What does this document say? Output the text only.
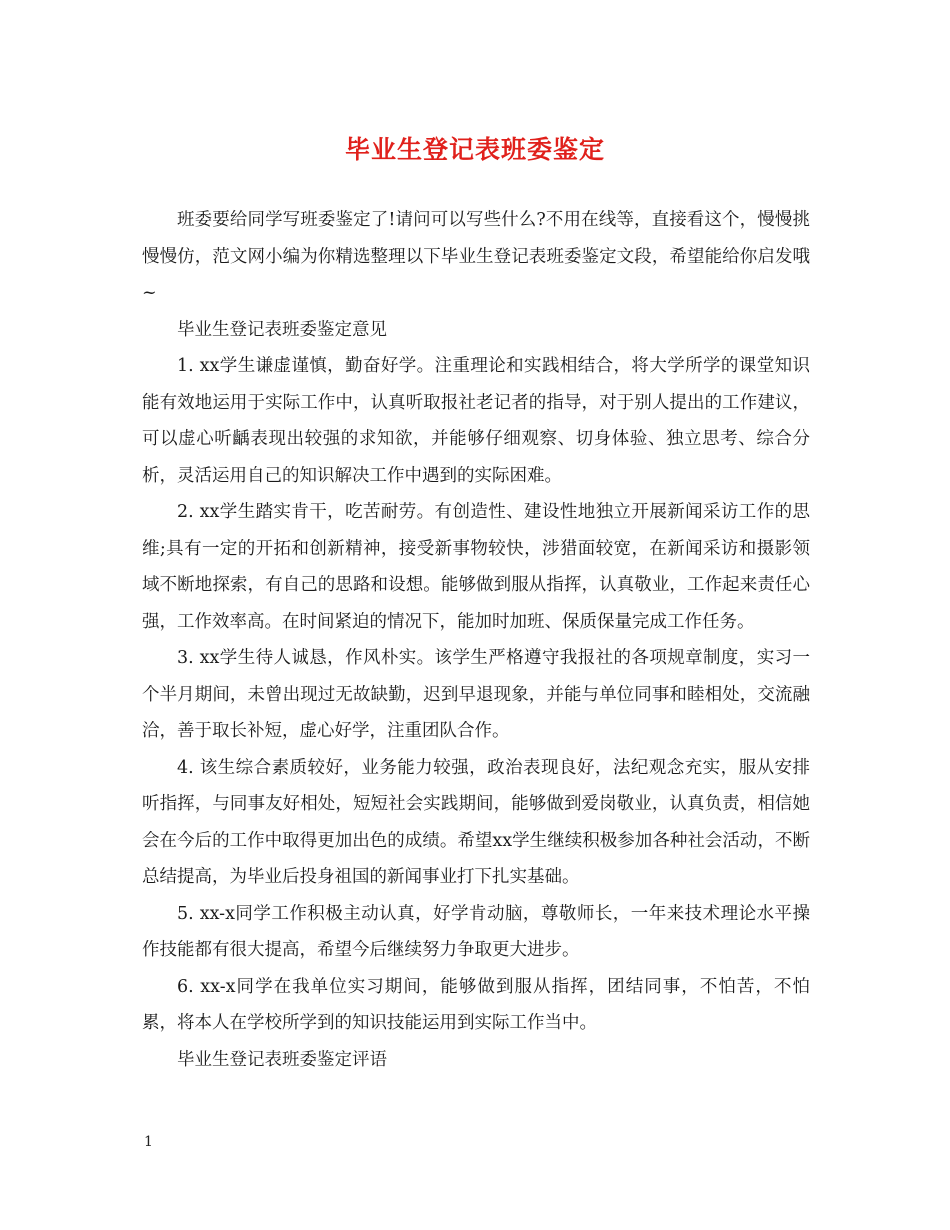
毕业生登记表班委鉴定

班委要给同学写班委鉴定了!请问可以写些什么?不用在线等，直接看这个，慢慢挑慢慢仿，范文网小编为你精选整理以下毕业生登记表班委鉴定文段，希望能给你启发哦~

毕业生登记表班委鉴定意见

1. xx学生谦虚谨慎，勤奋好学。注重理论和实践相结合，将大学所学的课堂知识能有效地运用于实际工作中，认真听取报社老记者的指导，对于别人提出的工作建议，可以虚心听齲表现出较强的求知欲，并能够仔细观察、切身体验、独立思考、综合分析，灵活运用自己的知识解决工作中遇到的实际困难。

2. xx学生踏实肯干，吃苦耐劳。有创造性、建设性地独立开展新闻采访工作的思维;具有一定的开拓和创新精神，接受新事物较快，涉猎面较宽，在新闻采访和摄影领域不断地探索，有自己的思路和设想。能够做到服从指挥，认真敬业，工作起来责任心强，工作效率高。在时间紧迫的情况下，能加时加班、保质保量完成工作任务。

3. xx学生待人诚恳，作风朴实。该学生严格遵守我报社的各项规章制度，实习一个半月期间，未曾出现过无故缺勤，迟到早退现象，并能与单位同事和睦相处，交流融洽，善于取长补短，虚心好学，注重团队合作。

4. 该生综合素质较好，业务能力较强，政治表现良好，法纪观念充实，服从安排听指挥，与同事友好相处，短短社会实践期间，能够做到爱岗敬业，认真负责，相信她会在今后的工作中取得更加出色的成绩。希望xx学生继续积极参加各种社会活动，不断总结提高，为毕业后投身祖国的新闻事业打下扎实基础。

5. xx-x同学工作积极主动认真，好学肯动脑，尊敬师长，一年来技术理论水平操作技能都有很大提高，希望今后继续努力争取更大进步。

6. xx-x同学在我单位实习期间，能够做到服从指挥，团结同事，不怕苦，不怕累，将本人在学校所学到的知识技能运用到实际工作当中。

毕业生登记表班委鉴定评语

1
